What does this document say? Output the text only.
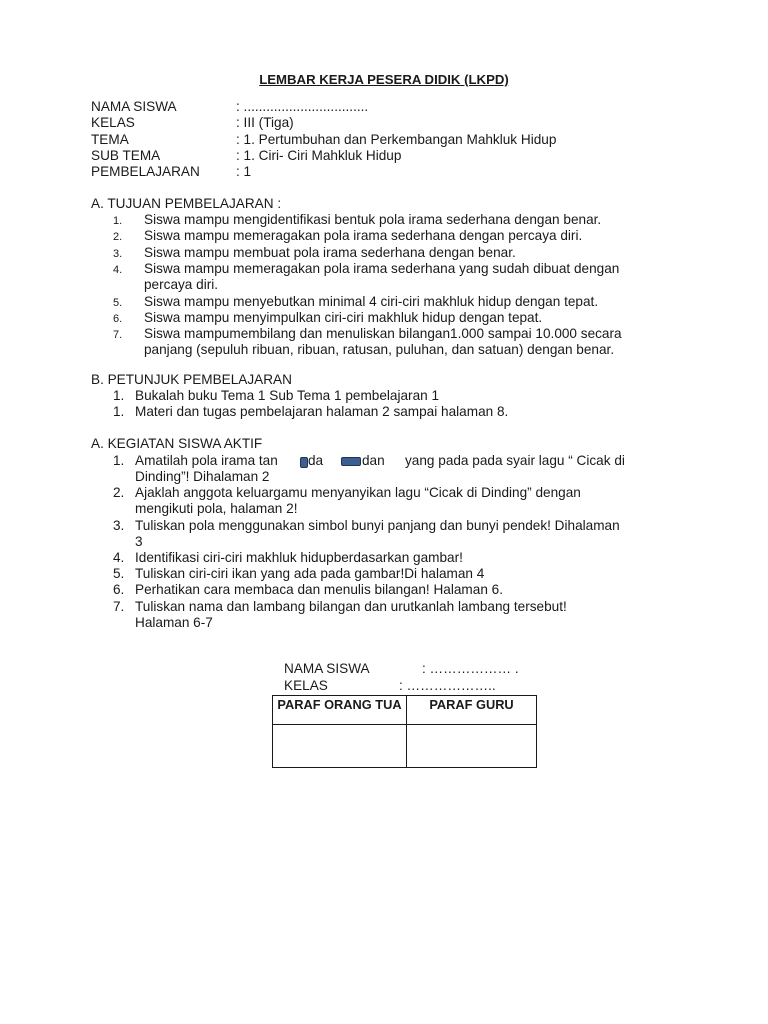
LEMBAR KERJA PESERA DIDIK (LKPD)
NAMA SISWA	: .................................
KELAS	: III (Tiga)
TEMA	: 1. Pertumbuhan dan Perkembangan Mahkluk Hidup
SUB TEMA	: 1. Ciri- Ciri Mahkluk Hidup
PEMBELAJARAN	: 1
A. TUJUAN PEMBELAJARAN :
1. Siswa mampu mengidentifikasi bentuk pola irama sederhana dengan benar.
2. Siswa mampu memeragakan pola irama sederhana dengan percaya diri.
3. Siswa mampu membuat pola irama sederhana dengan benar.
4. Siswa mampu memeragakan pola irama sederhana yang sudah dibuat dengan
percaya diri.
5. Siswa mampu menyebutkan minimal 4 ciri-ciri makhluk hidup dengan tepat.
6. Siswa mampu menyimpulkan ciri-ciri makhluk hidup dengan tepat.
7. Siswa mampumembilang dan menuliskan bilangan1.000 sampai 10.000 secara
panjang (sepuluh ribuan, ribuan, ratusan, puluhan, dan satuan) dengan benar.
B. PETUNJUK PEMBELAJARAN
1. Bukalah buku Tema 1 Sub Tema 1 pembelajaran 1
1. Materi dan tugas pembelajaran halaman 2 sampai halaman 8.
A. KEGIATAN SISWA AKTIF
1. Amatilah pola irama tan da	dan yang pada pada syair lagu “ Cicak di
Dinding”! Dihalaman 2
2. Ajaklah anggota keluargamu menyanyikan lagu “Cicak di Dinding” dengan
mengikuti pola, halaman 2!
3. Tuliskan pola menggunakan simbol bunyi panjang dan bunyi pendek! Dihalaman
3
4. Identifikasi ciri-ciri makhluk hidupberdasarkan gambar!
5. Tuliskan ciri-ciri ikan yang ada pada gambar!Di halaman 4
6. Perhatikan cara membaca dan menulis bilangan! Halaman 6.
7. Tuliskan nama dan lambang bilangan dan urutkanlah lambang tersebut!
Halaman 6-7
NAMA SISWA	: ……………… .
KELAS	: ………………..
PARAF ORANG TUA	PARAF GURU
